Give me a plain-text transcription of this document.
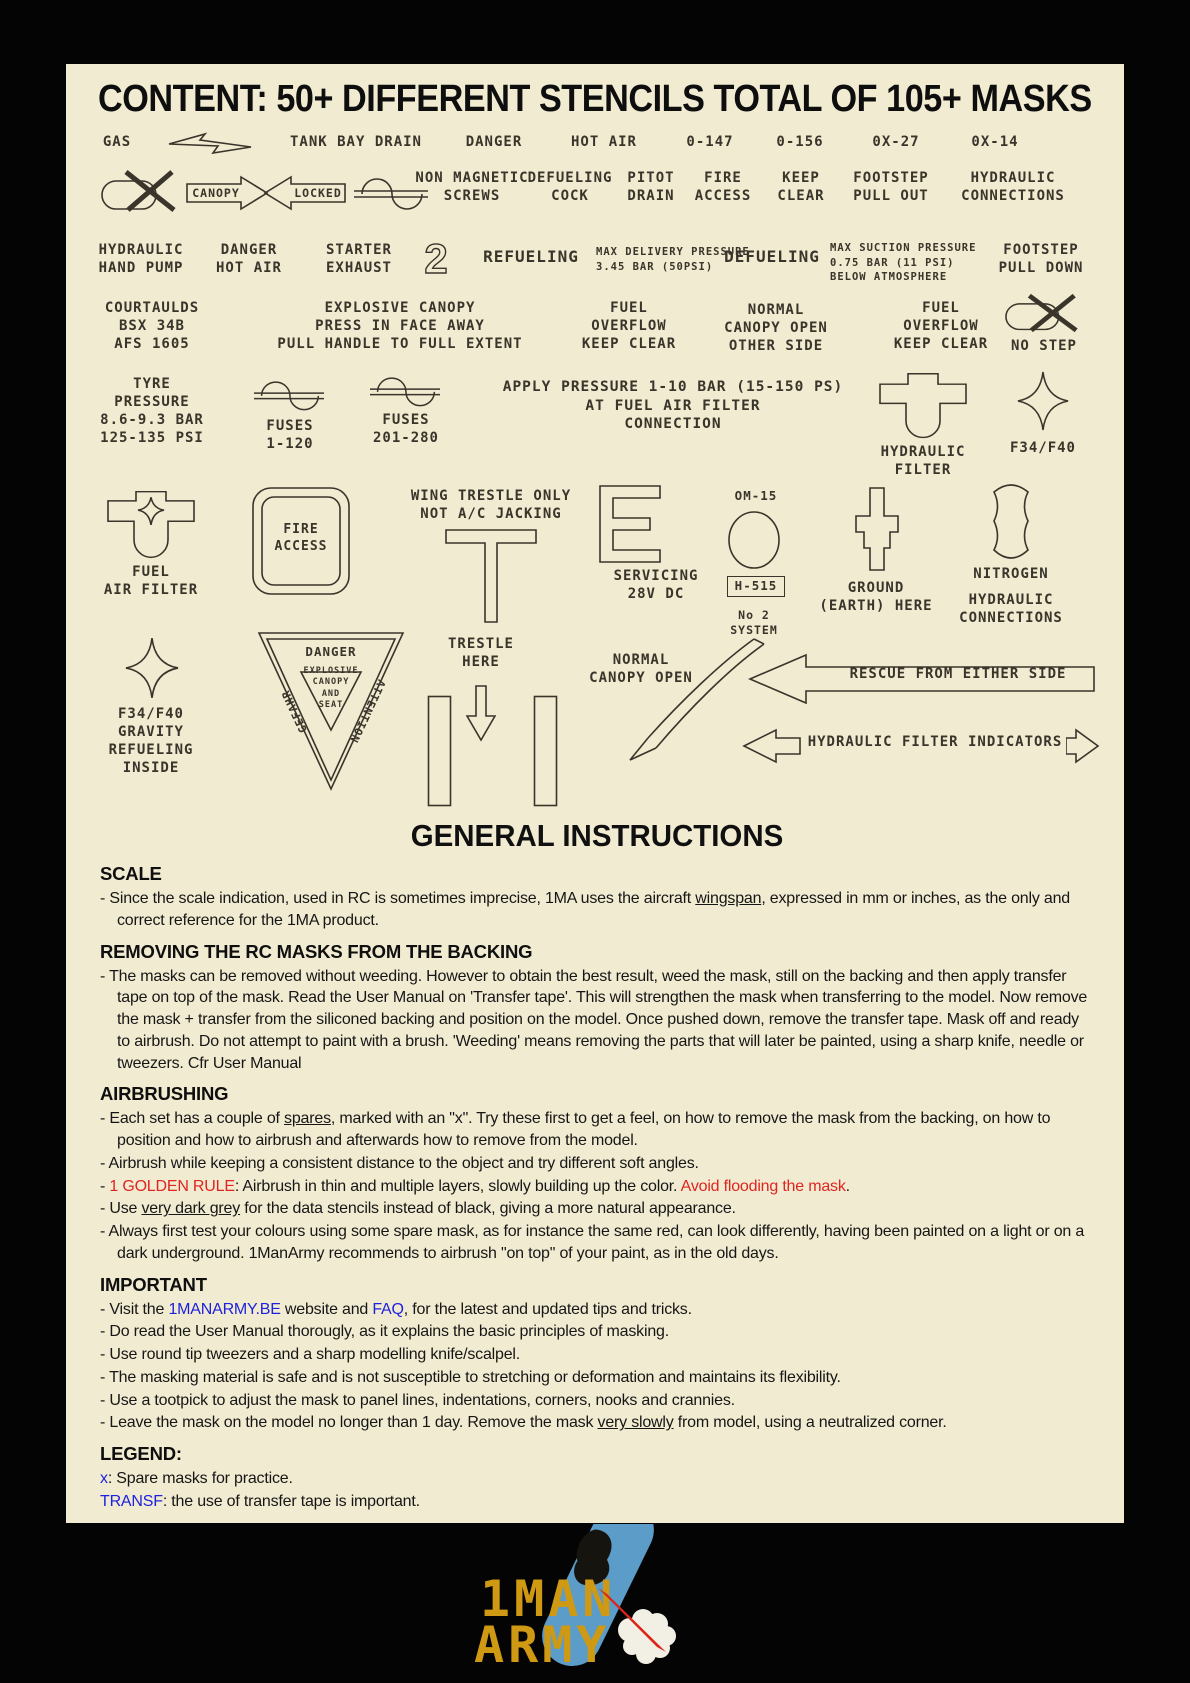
CONTENT: 50+ DIFFERENT STENCILS TOTAL OF 105+ MASKS
GAS	TANK BAY DRAIN	DANGER	HOT AIR	0-147	0-156	0X-27	0X-14
CANOPY	LOCKED
NON MAGNETIC
SCREWS
DEFUELING
COCK
PITOT
DRAIN
FIRE
ACCESS
KEEP
CLEAR
FOOTSTEP
PULL OUT
HYDRAULIC
CONNECTIONS
HYDRAULIC
HAND PUMP
DANGER
HOT AIR
STARTER
EXHAUST 2	REFUELING	MAX DELIVERY PRESSURE
3.45 BAR (50PSI)
DEFUELING MAX SUCTION PRESSURE
0.75 BAR (11 PSI)
BELOW ATMOSPHERE
FOOTSTEP
PULL DOWN
COURTAULDS
BSX 34B
AFS 1605
EXPLOSIVE CANOPY
PRESS IN FACE AWAY
PULL HANDLE TO FULL EXTENT
FUEL
OVERFLOW
KEEP CLEAR
NORMAL
CANOPY OPEN
OTHER SIDE
FUEL
OVERFLOW
KEEP CLEAR	NO STEP
TYRE
PRESSURE
8.6-9.3 BAR
125-135 PSI
FUSES
1-120
FUSES
201-280
APPLY PRESSURE 1-10 BAR (15-150 PS)
AT FUEL AIR FILTER
CONNECTION
HYDRAULIC
FILTER
F34/F40
FUEL
AIR FILTER
FIRE
ACCESS
WING TRESTLE ONLY
NOT A/C JACKING
SERVICING
28V DC
OM-15
H-515
No 2
SYSTEM
GROUND
(EARTH) HERE
NITROGEN
HYDRAULIC
CONNECTIONS
F34/F40
GRAVITY
REFUELING
INSIDE
DANGER
EXPLOSIVE
CANOPY
AND
SEAT
GEFAHR	ATTENTION
TRESTLE
HERE	NORMAL
CANOPY OPEN	RESCUE FROM EITHER SIDE
HYDRAULIC FILTER INDICATORS
GENERAL INSTRUCTIONS
SCALE
- Since the scale indication, used in RC is sometimes imprecise, 1MA uses the aircraft wingspan, expressed in mm or inches, as the only and correct reference for the 1MA product.
REMOVING THE RC MASKS FROM THE BACKING
- The masks can be removed without weeding. However to obtain the best result, weed the mask, still on the backing and then apply transfer tape on top of the mask. Read the User Manual on 'Transfer tape'. This will strengthen the mask when transferring to the model. Now remove the mask + transfer from the siliconed backing and position on the model. Once pushed down, remove the transfer tape. Mask off and ready to airbrush. Do not attempt to paint with a brush. 'Weeding' means removing the parts that will later be painted, using a sharp knife, needle or tweezers. Cfr User Manual
AIRBRUSHING
- Each set has a couple of spares, marked with an "x". Try these first to get a feel, on how to remove the mask from the backing, on how to position and how to airbrush and afterwards how to remove from the model.
- Airbrush while keeping a consistent distance to the object and try different soft angles.
- 1 GOLDEN RULE: Airbrush in thin and multiple layers, slowly building up the color. Avoid flooding the mask.
- Use very dark grey for the data stencils instead of black, giving a more natural appearance.
- Always first test your colours using some spare mask, as for instance the same red, can look differently, having been painted on a light or on a dark underground. 1ManArmy recommends to airbrush "on top" of your paint, as in the old days.
IMPORTANT
- Visit the 1MANARMY.BE website and FAQ, for the latest and updated tips and tricks.
- Do read the User Manual thorougly, as it explains the basic principles of masking.
- Use round tip tweezers and a sharp modelling knife/scalpel.
- The masking material is safe and is not susceptible to stretching or deformation and maintains its flexibility.
- Use a tootpick to adjust the mask to panel lines, indentations, corners, nooks and crannies.
- Leave the mask on the model no longer than 1 day. Remove the mask very slowly from model, using a neutralized corner.
LEGEND:
x: Spare masks for practice.
TRANSF: the use of transfer tape is important.
1MAN
ARMY
